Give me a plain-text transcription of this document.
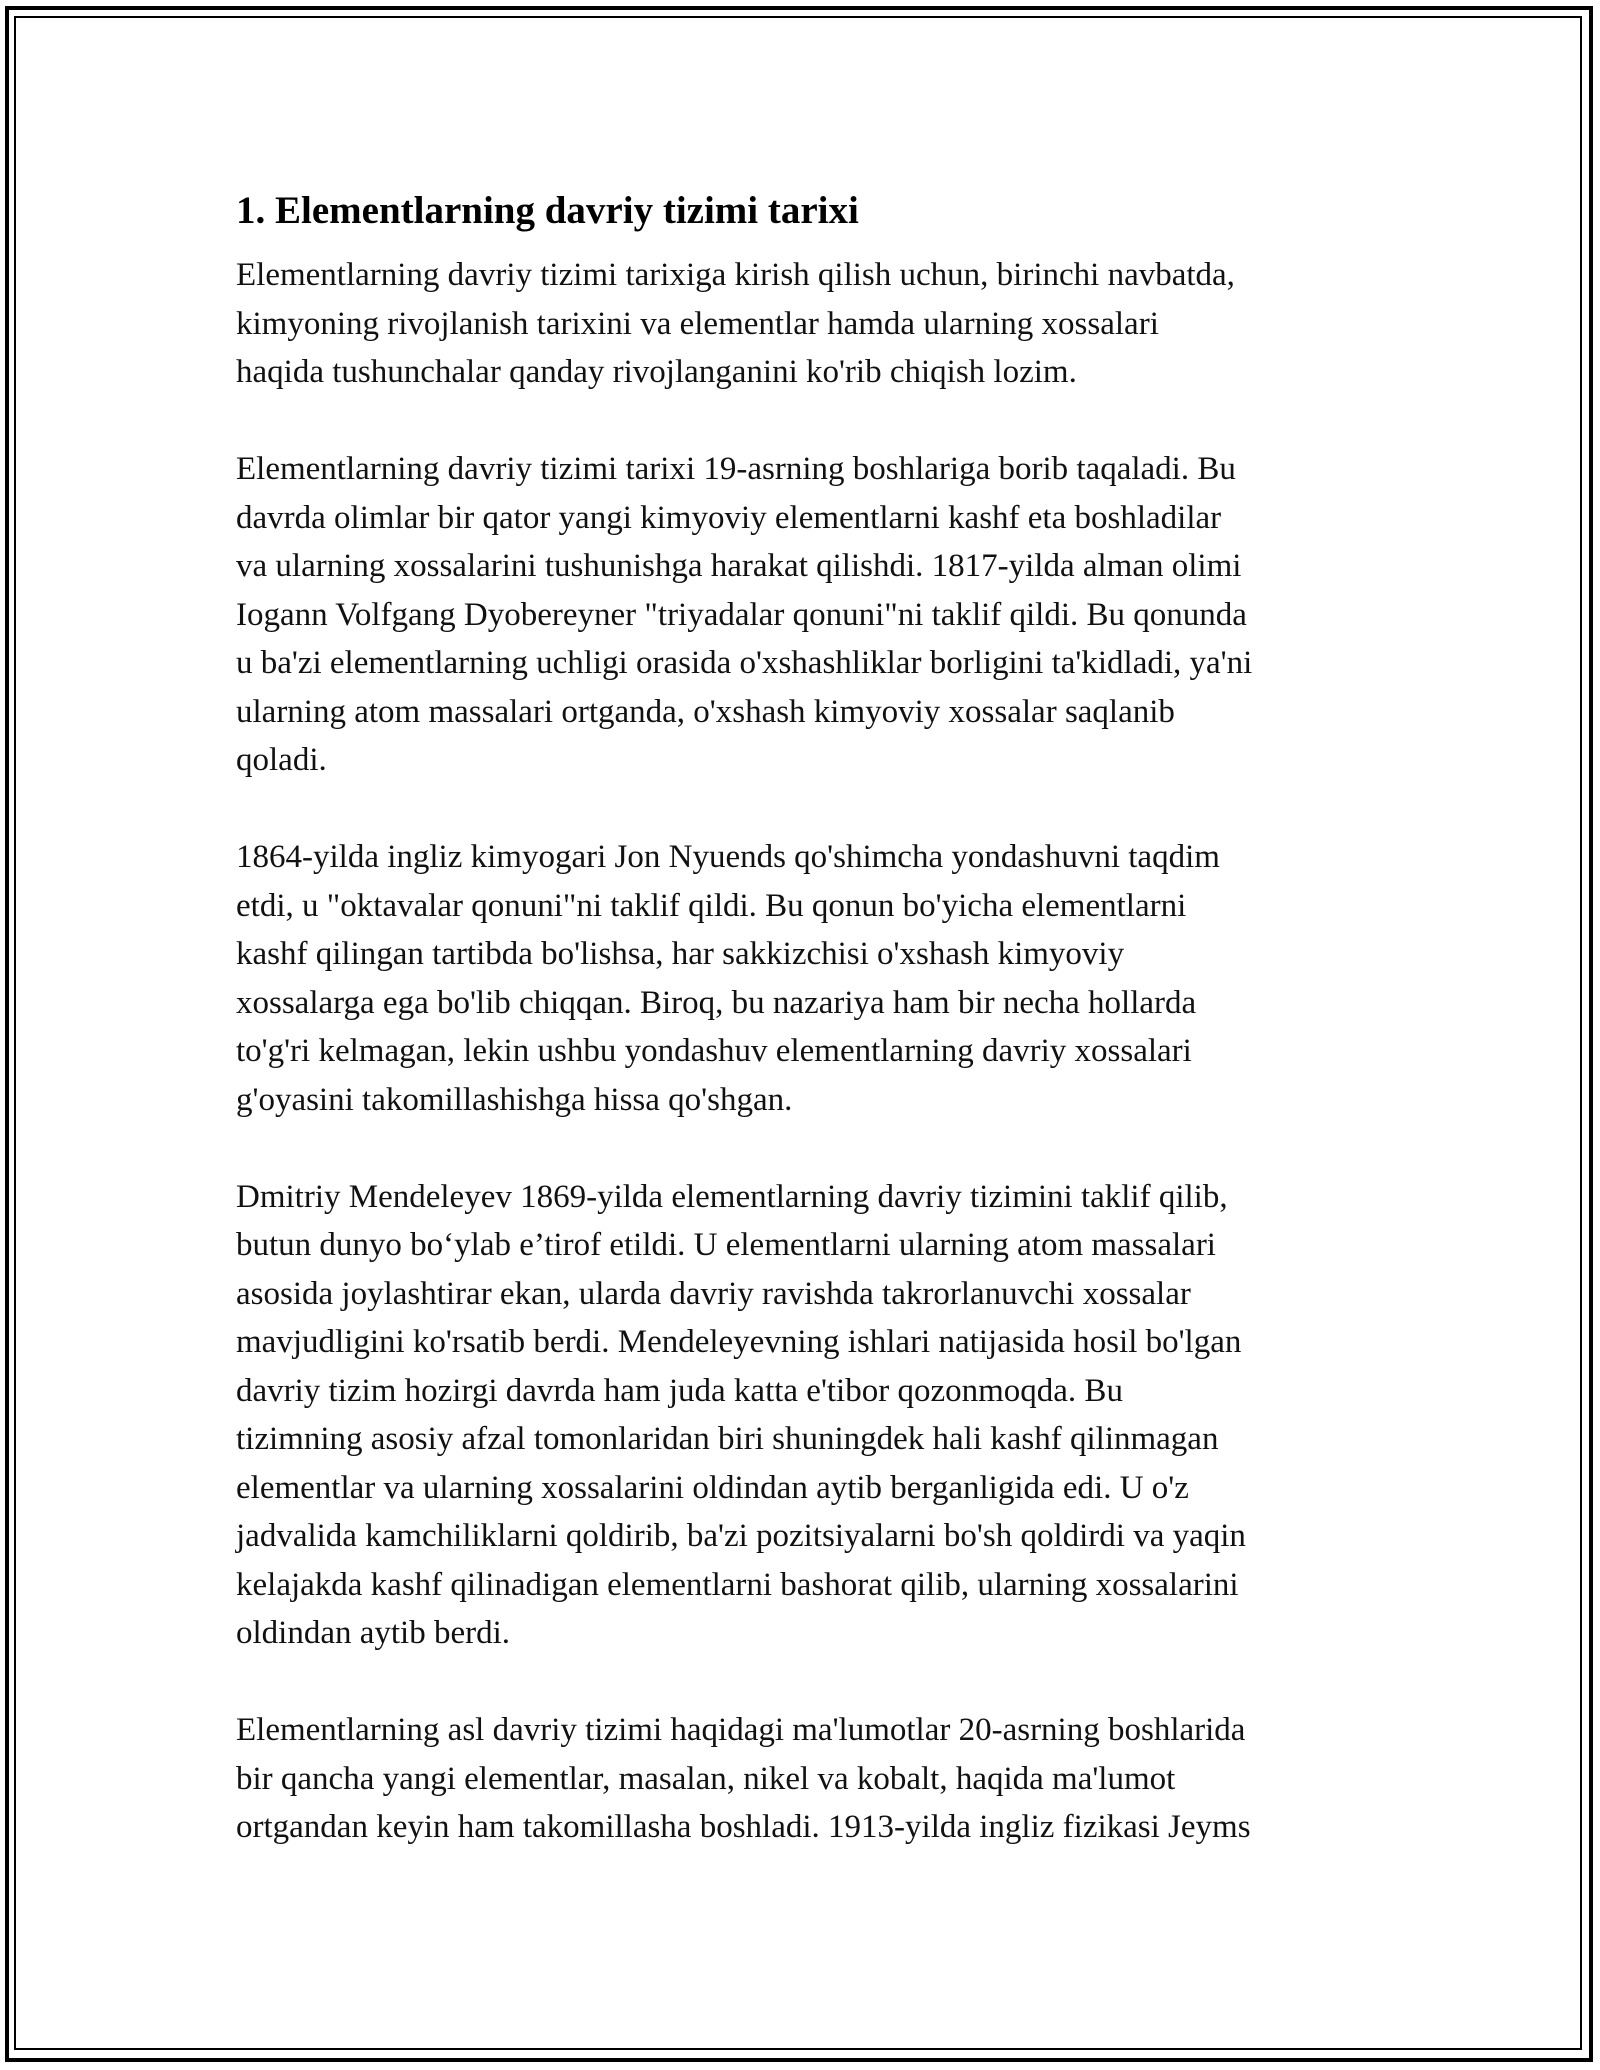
1. Elementlarning davriy tizimi tarixi
Elementlarning davriy tizimi tarixiga kirish qilish uchun, birinchi navbatda,
kimyoning rivojlanish tarixini va elementlar hamda ularning xossalari
haqida tushunchalar qanday rivojlanganini ko'rib chiqish lozim.
Elementlarning davriy tizimi tarixi 19-asrning boshlariga borib taqaladi. Bu
davrda olimlar bir qator yangi kimyoviy elementlarni kashf eta boshladilar
va ularning xossalarini tushunishga harakat qilishdi. 1817-yilda alman olimi
Iogann Volfgang Dyobereyner "triyadalar qonuni"ni taklif qildi. Bu qonunda
u ba'zi elementlarning uchligi orasida o'xshashliklar borligini ta'kidladi, ya'ni
ularning atom massalari ortganda, o'xshash kimyoviy xossalar saqlanib
qoladi.
1864-yilda ingliz kimyogari Jon Nyuends qo'shimcha yondashuvni taqdim
etdi, u "oktavalar qonuni"ni taklif qildi. Bu qonun bo'yicha elementlarni
kashf qilingan tartibda bo'lishsa, har sakkizchisi o'xshash kimyoviy
xossalarga ega bo'lib chiqqan. Biroq, bu nazariya ham bir necha hollarda
to'g'ri kelmagan, lekin ushbu yondashuv elementlarning davriy xossalari
g'oyasini takomillashishga hissa qo'shgan.
Dmitriy Mendeleyev 1869-yilda elementlarning davriy tizimini taklif qilib,
butun dunyo bo‘ylab e’tirof etildi. U elementlarni ularning atom massalari
asosida joylashtirar ekan, ularda davriy ravishda takrorlanuvchi xossalar
mavjudligini ko'rsatib berdi. Mendeleyevning ishlari natijasida hosil bo'lgan
davriy tizim hozirgi davrda ham juda katta e'tibor qozonmoqda. Bu
tizimning asosiy afzal tomonlaridan biri shuningdek hali kashf qilinmagan
elementlar va ularning xossalarini oldindan aytib berganligida edi. U o'z
jadvalida kamchiliklarni qoldirib, ba'zi pozitsiyalarni bo'sh qoldirdi va yaqin
kelajakda kashf qilinadigan elementlarni bashorat qilib, ularning xossalarini
oldindan aytib berdi.
Elementlarning asl davriy tizimi haqidagi ma'lumotlar 20-asrning boshlarida
bir qancha yangi elementlar, masalan, nikel va kobalt, haqida ma'lumot
ortgandan keyin ham takomillasha boshladi. 1913-yilda ingliz fizikasi Jeyms
